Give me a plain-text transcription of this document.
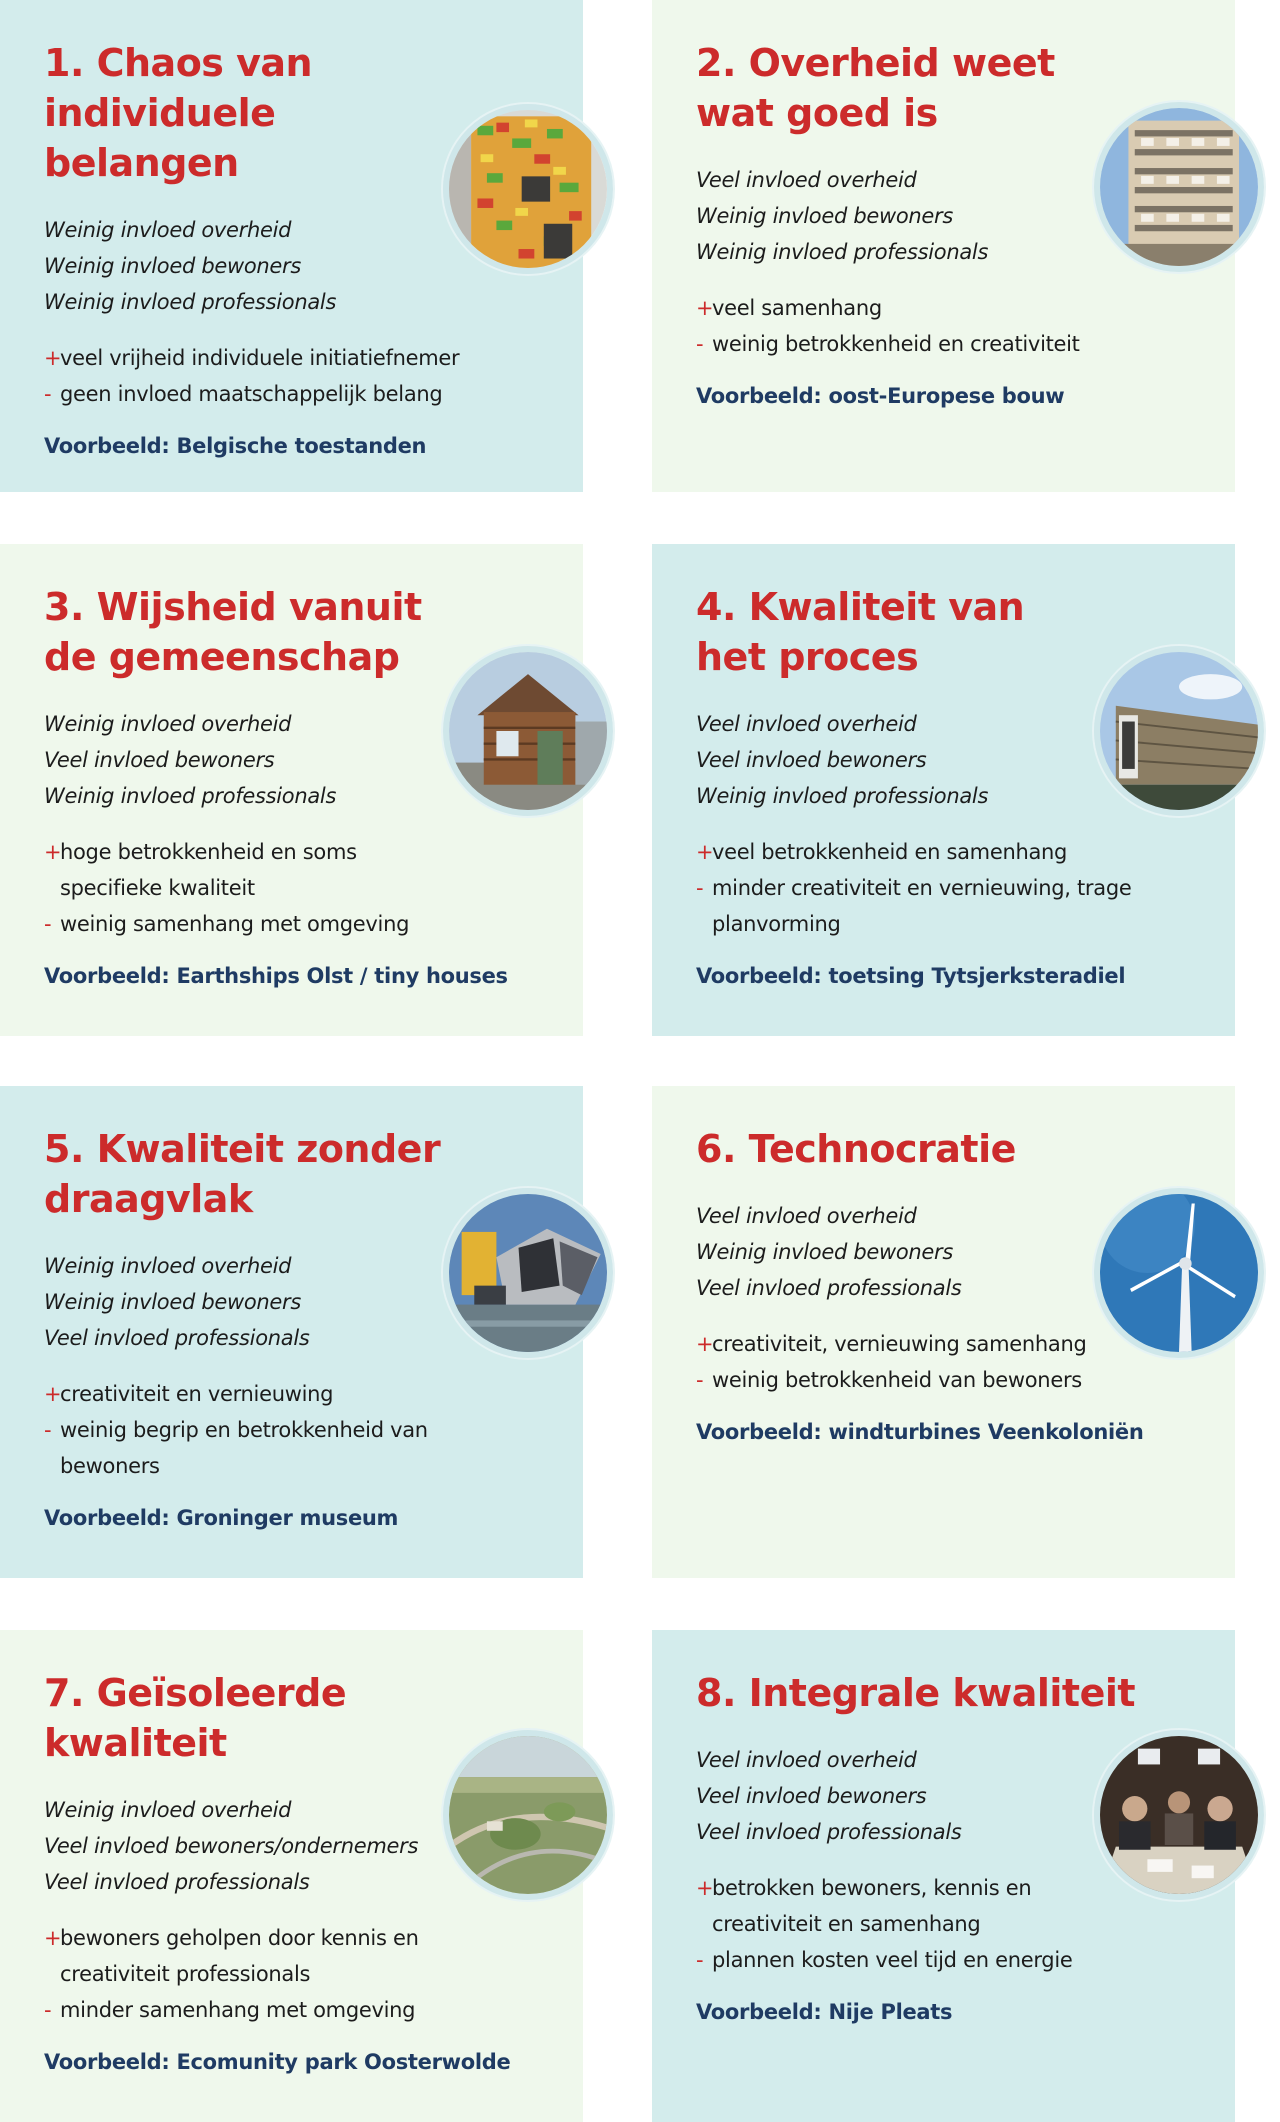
1. Chaos van individuele
belangen
Weinig invloed overheid
Weinig invloed bewoners
Weinig invloed professionals
+
veel vrijheid individuele initiatiefnemer
- geen invloed maatschappelijk belang
Voorbeeld: Belgische toestanden
2. Overheid weet
wat goed is
Veel invloed overheid
Weinig invloed bewoners
Weinig invloed professionals
+
veel samenhang
- weinig betrokkenheid en creativiteit
Voorbeeld: oost-Europese bouw
3. Wijsheid vanuit
de gemeenschap
Weinig invloed overheid
Veel invloed bewoners
Weinig invloed professionals
+
hoge betrokkenheid en soms specifieke kwaliteit
- weinig samenhang met omgeving
Voorbeeld: Earthships Olst / tiny houses
4. Kwaliteit van
het proces
Veel invloed overheid
Veel invloed bewoners
Weinig invloed professionals
+
veel betrokkenheid en samenhang
- minder creativiteit en vernieuwing, trage planvorming
Voorbeeld: toetsing Tytsjerksteradiel
5. Kwaliteit zonder
draagvlak
Weinig invloed overheid
Weinig invloed bewoners
Veel invloed professionals
+
creativiteit en vernieuwing
- weinig begrip en betrokkenheid van bewoners
Voorbeeld: Groninger museum
6. Technocratie
Veel invloed overheid
Weinig invloed bewoners
Veel invloed professionals
+
creativiteit, vernieuwing samenhang
- weinig betrokkenheid van bewoners
Voorbeeld: windturbines Veenkoloniën
7. Geïsoleerde
kwaliteit
Weinig invloed overheid
Veel invloed bewoners/ondernemers
Veel invloed professionals
+
bewoners geholpen door kennis en creativiteit professionals
- minder samenhang met omgeving
Voorbeeld: Ecomunity park Oosterwolde
8. Integrale kwaliteit
Veel invloed overheid
Veel invloed bewoners
Veel invloed professionals
+
betrokken bewoners, kennis en creativiteit en samenhang
- plannen kosten veel tijd en energie
Voorbeeld: Nije Pleats
